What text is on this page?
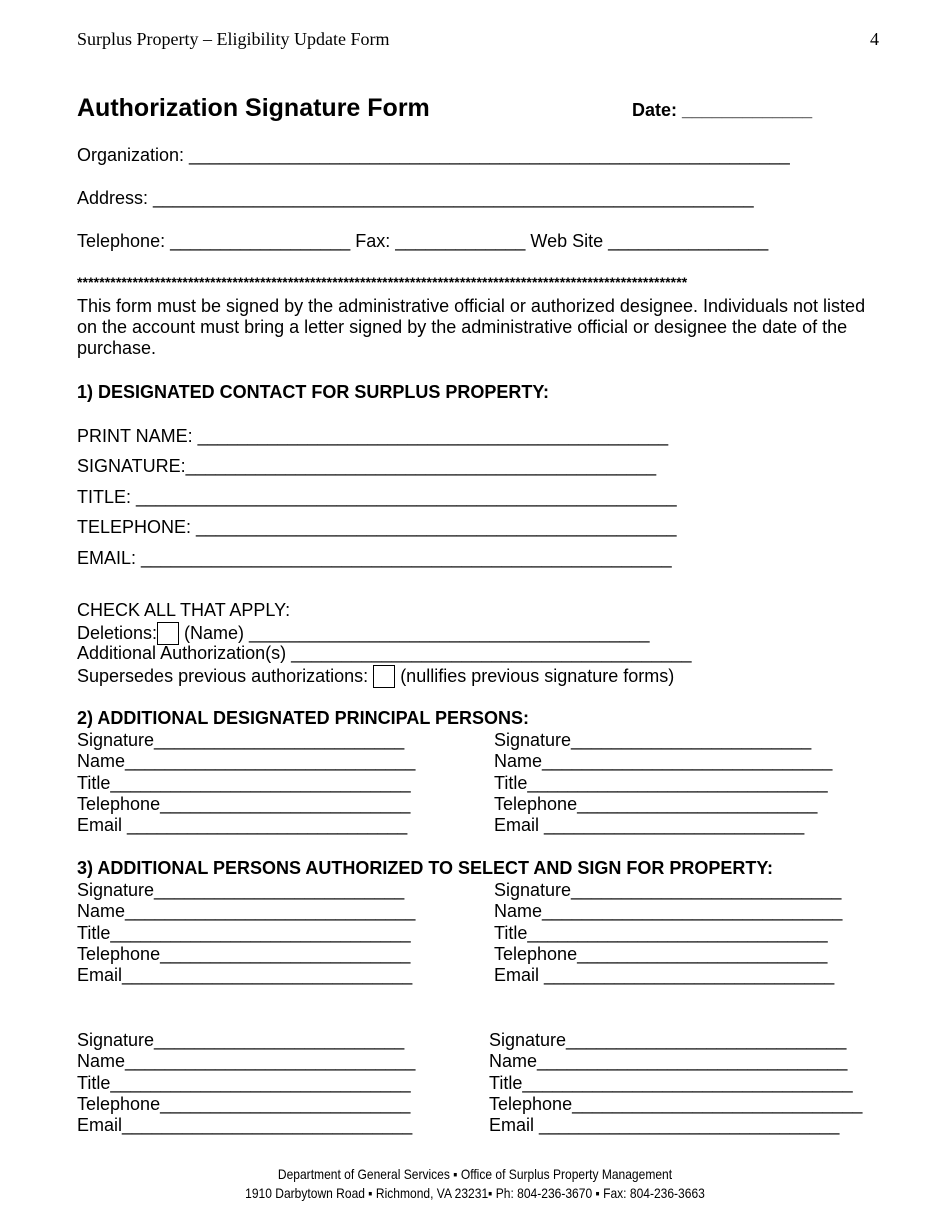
Surplus Property – Eligibility Update Form	4
Authorization Signature Form	Date: _____________
Organization: ____________________________________________________________
Address: ____________________________________________________________
Telephone: __________________ Fax: _____________ Web Site ________________
**************************************************************************************************************
This form must be signed by the administrative official or authorized designee. Individuals not listed on the account must bring a letter signed by the administrative official or designee the date of the purchase.
1) DESIGNATED CONTACT FOR SURPLUS PROPERTY:
PRINT NAME: _______________________________________________
SIGNATURE:_______________________________________________
TITLE: ______________________________________________________
TELEPHONE: ________________________________________________
EMAIL: _____________________________________________________
CHECK ALL THAT APPLY:
Deletions: (Name) ________________________________________
Additional Authorization(s) ________________________________________
Supersedes previous authorizations:  (nullifies previous signature forms)
2) ADDITIONAL DESIGNATED PRINCIPAL PERSONS:
Signature_________________________
Name_____________________________
Title______________________________
Telephone_________________________
Email ____________________________
Signature________________________
Name_____________________________
Title______________________________
Telephone________________________
Email __________________________
3) ADDITIONAL PERSONS AUTHORIZED TO SELECT AND SIGN FOR PROPERTY:
Signature_________________________
Name_____________________________
Title______________________________
Telephone_________________________
Email_____________________________
Signature___________________________
Name______________________________
Title______________________________
Telephone_________________________
Email _____________________________
Signature_________________________
Name_____________________________
Title______________________________
Telephone_________________________
Email_____________________________
Signature____________________________
Name_______________________________
Title_________________________________
Telephone_____________________________
Email ______________________________
Department of General Services ▪ Office of Surplus Property Management
1910 Darbytown Road ▪ Richmond, VA 23231▪ Ph: 804-236-3670 ▪ Fax: 804-236-3663
